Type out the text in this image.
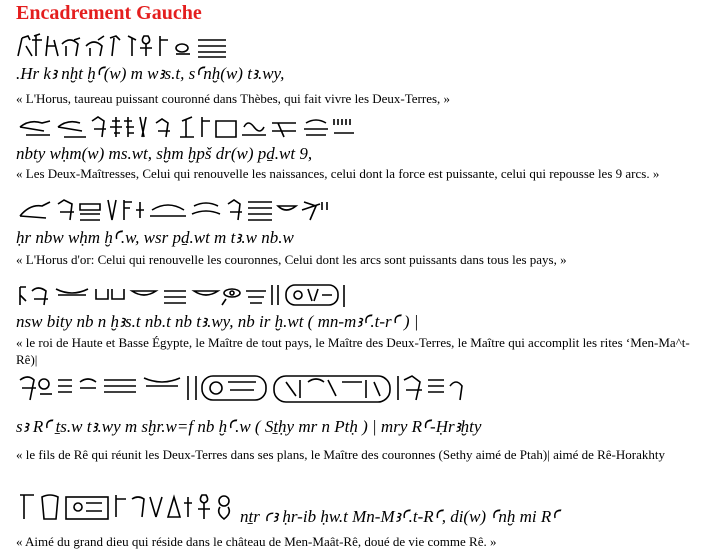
Encadrement Gauche
.Hr kꜣ nḫt ḫꜤ(w) m wꜣs.t, sꜤnḫ(w) tꜣ.wy,
« L'Horus, taureau puissant couronné dans Thèbes, qui fait vivre les Deux-Terres, »
nbty wḥm(w) ms.wt, sḫm ḫpš dr(w) pḏ.wt 9,
« Les Deux-Maîtresses, Celui qui renouvelle les naissances, celui dont la force est puissante, celui qui repousse les 9 arcs. »
ḥr nbw wḥm ḫꜤ.w, wsr pḏ.wt m tꜣ.w nb.w
« L'Horus d'or: Celui qui renouvelle les couronnes, Celui dont les arcs sont puissants dans tous les pays, »
nsw bity nb n ḫꜣs.t nb.t nb tꜣ.wy, nb ir ḫ.wt ( mn-mꜣꜤ.t-rꜤ ) |
« le roi de Haute et Basse Égypte, le Maître de tout pays, le Maître des Deux-Terres, le Maître qui accomplit les rites ‘Men-Ma^t-Rê)|
sꜣ RꜤ ṯs.w tꜣ.wy m sḫr.w=f nb ḫꜤ.w ( Sṯḥy mr n Ptḥ ) | mry RꜤ-Ḥrꜣḫty
« le fils de Rê qui réunit les Deux-Terres dans ses plans, le Maître des couronnes (Sethy aimé de Ptah)| aimé de Rê-Horakhty
nṯr ꜥꜣ ḥr-ib ḥw.t Mn-MꜣꜤ.t-RꜤ, di(w) Ꜥnḫ mi RꜤ
« Aimé du grand dieu qui réside dans le château de Men-Maât-Rê, doué de vie comme Rê. »
